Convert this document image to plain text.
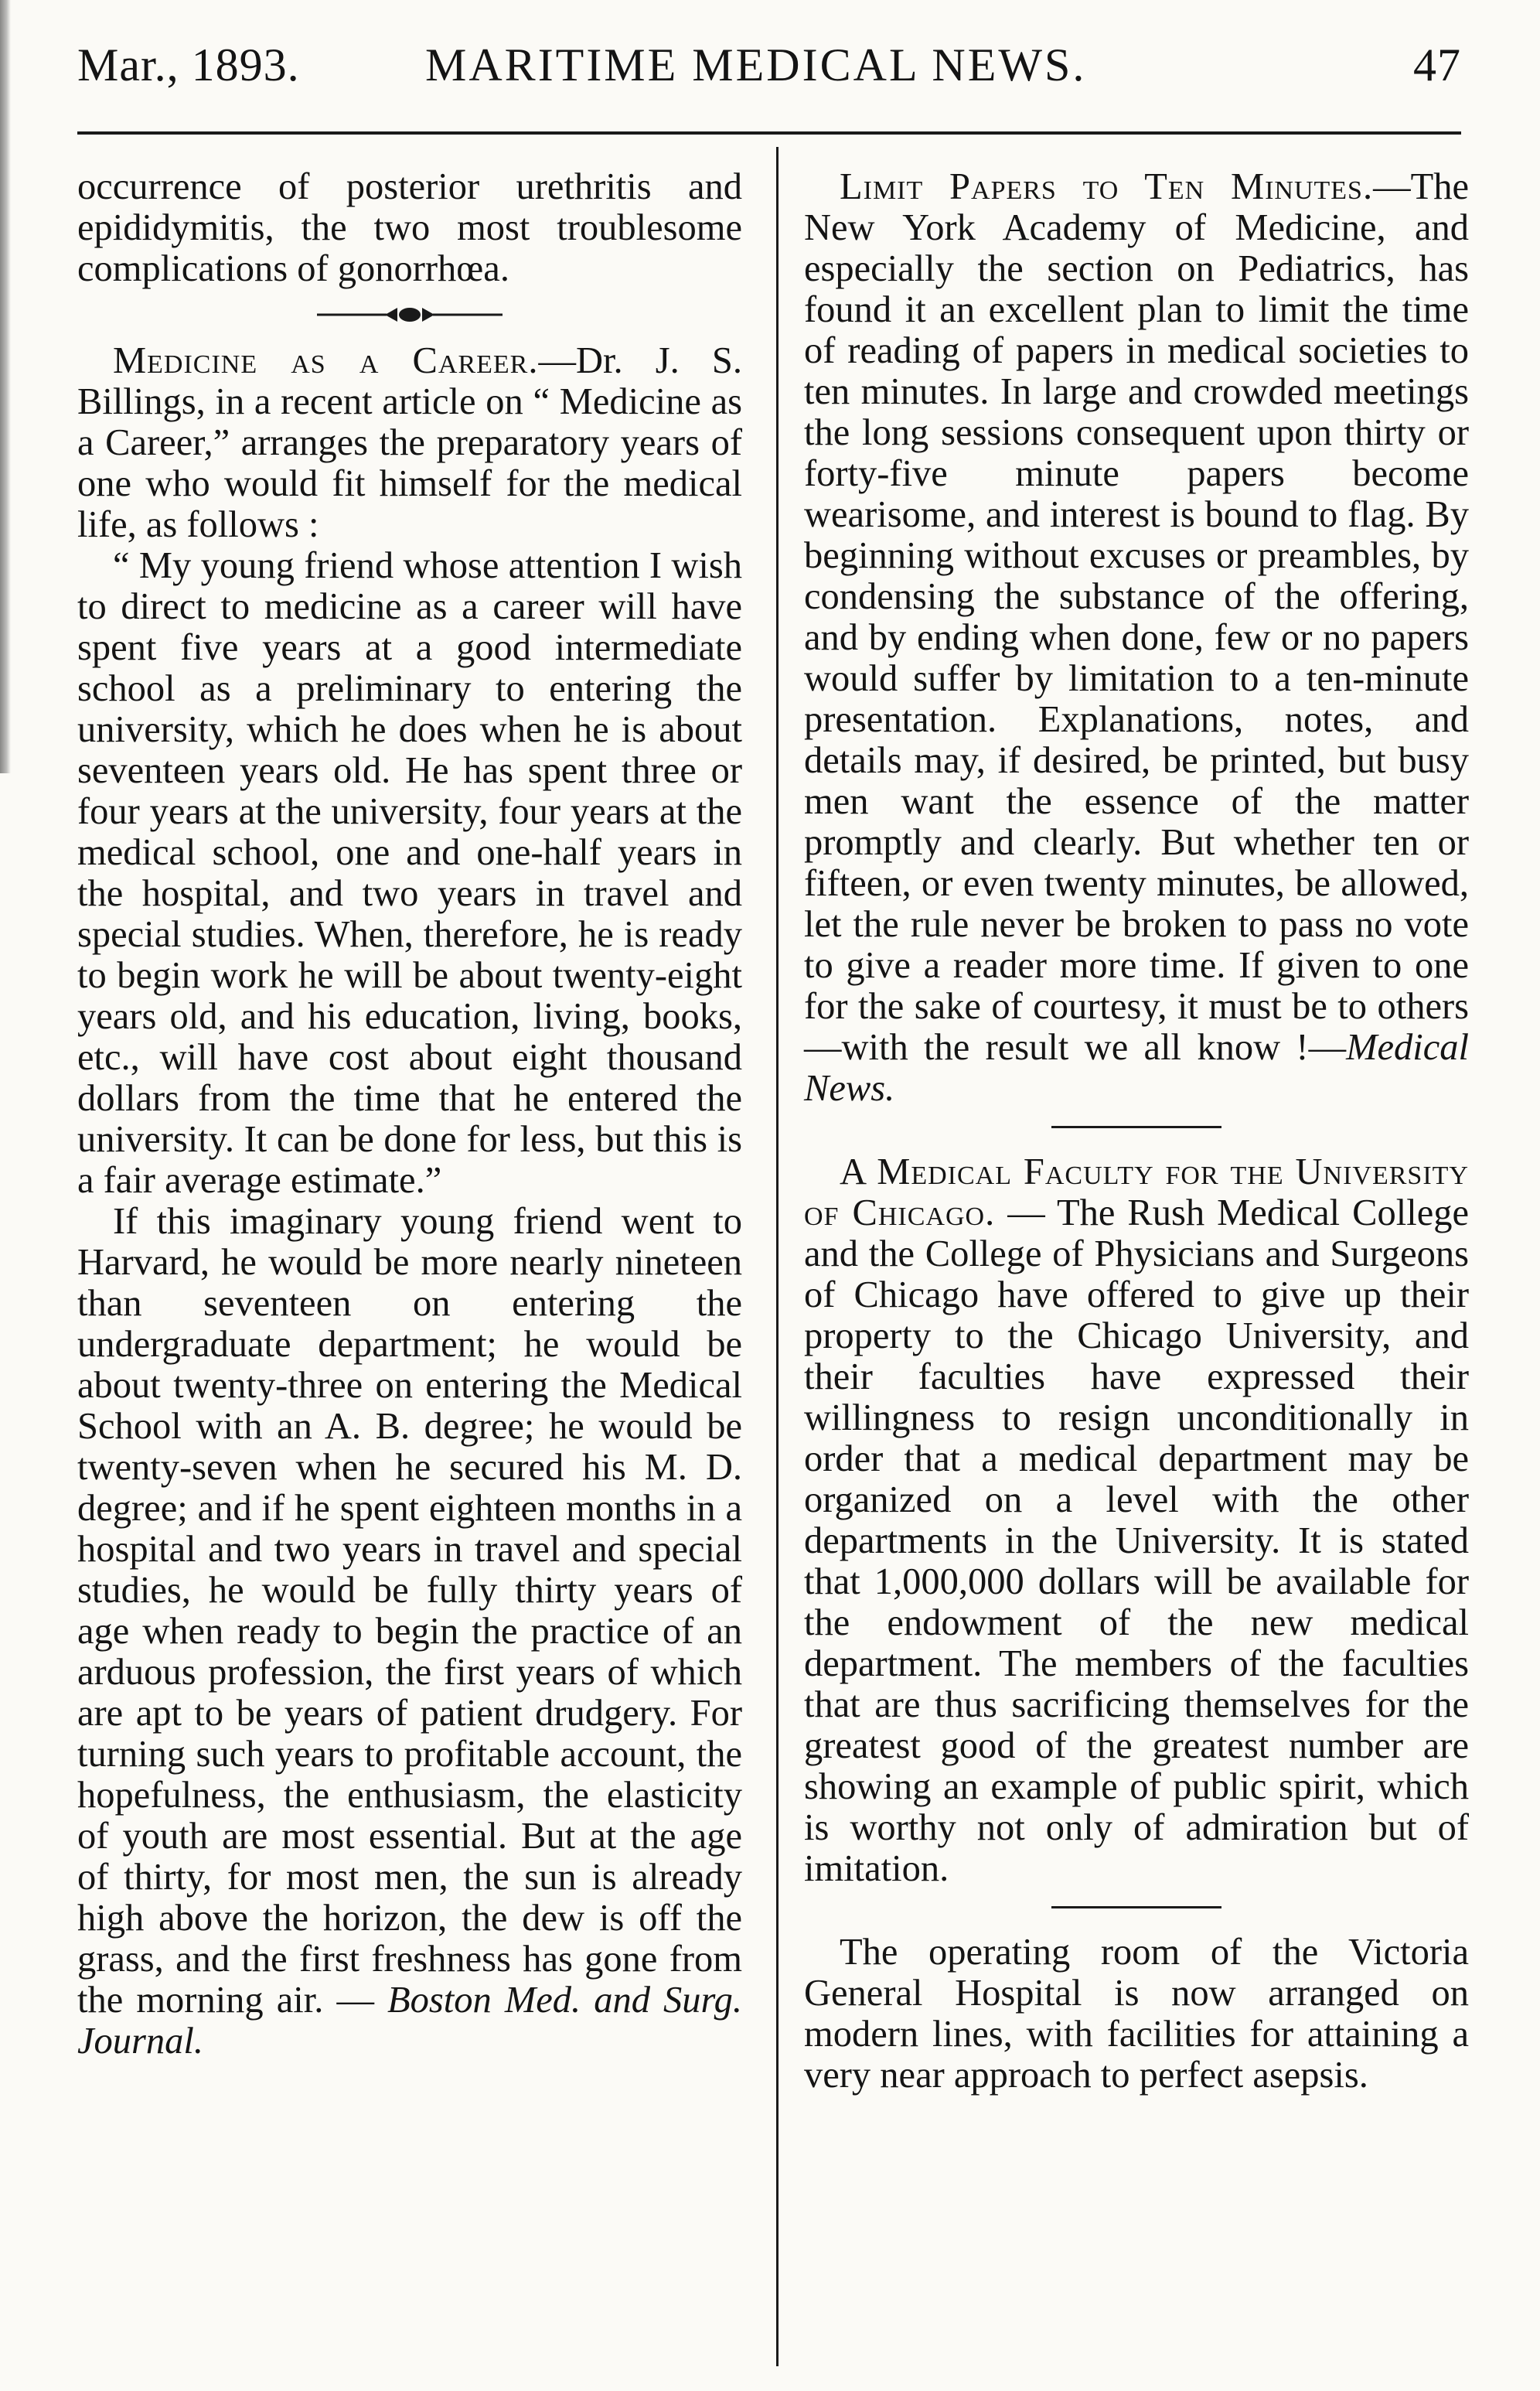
Mar., 1893.	MARITIME MEDICAL NEWS.	47

occurrence of posterior urethritis and epididymitis, the two most troublesome complications of gonorrhœa.

Medicine as a Career.—Dr. J. S. Billings, in a recent article on “ Medicine as a Career,” arranges the preparatory years of one who would fit himself for the medical life, as follows :

“ My young friend whose attention I wish to direct to medicine as a career will have spent five years at a good intermediate school as a preliminary to entering the university, which he does when he is about seventeen years old. He has spent three or four years at the university, four years at the medical school, one and one-half years in the hospital, and two years in travel and special studies. When, therefore, he is ready to begin work he will be about twenty-eight years old, and his education, living, books, etc., will have cost about eight thousand dollars from the time that he entered the university. It can be done for less, but this is a fair average estimate.”

If this imaginary young friend went to Harvard, he would be more nearly nineteen than seventeen on entering the undergraduate department; he would be about twenty-three on entering the Medical School with an A. B. degree; he would be twenty-seven when he secured his M. D. degree; and if he spent eighteen months in a hospital and two years in travel and special studies, he would be fully thirty years of age when ready to begin the practice of an arduous profession, the first years of which are apt to be years of patient drudgery. For turning such years to profitable account, the hopefulness, the enthusiasm, the elasticity of youth are most essential. But at the age of thirty, for most men, the sun is already high above the horizon, the dew is off the grass, and the first freshness has gone from the morning air. — Boston Med. and Surg. Journal.

Limit Papers to Ten Minutes.—The New York Academy of Medicine, and especially the section on Pediatrics, has found it an excellent plan to limit the time of reading of papers in medical societies to ten minutes. In large and crowded meetings the long sessions consequent upon thirty or forty-five minute papers become wearisome, and interest is bound to flag. By beginning without excuses or preambles, by condensing the substance of the offering, and by ending when done, few or no papers would suffer by limitation to a ten-minute presentation. Explanations, notes, and details may, if desired, be printed, but busy men want the essence of the matter promptly and clearly. But whether ten or fifteen, or even twenty minutes, be allowed, let the rule never be broken to pass no vote to give a reader more time. If given to one for the sake of courtesy, it must be to others—with the result we all know !—Medical News.

A Medical Faculty for the University of Chicago. — The Rush Medical College and the College of Physicians and Surgeons of Chicago have offered to give up their property to the Chicago University, and their faculties have expressed their willingness to resign unconditionally in order that a medical department may be organized on a level with the other departments in the University. It is stated that 1,000,000 dollars will be available for the endowment of the new medical department. The members of the faculties that are thus sacrificing themselves for the greatest good of the greatest number are showing an example of public spirit, which is worthy not only of admiration but of imitation.

The operating room of the Victoria General Hospital is now arranged on modern lines, with facilities for attaining a very near approach to perfect asepsis.
